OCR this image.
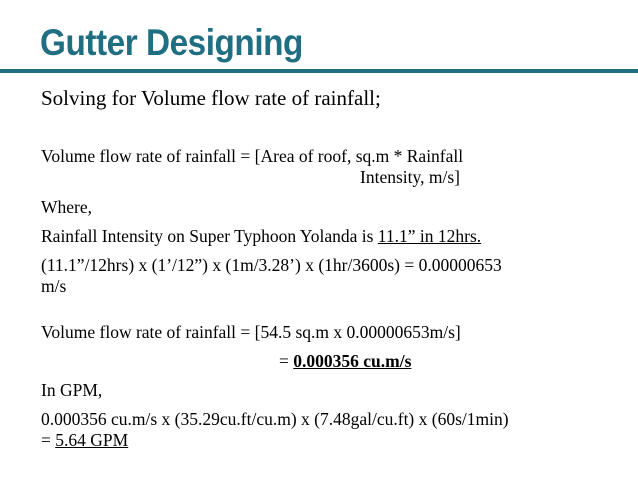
Gutter Designing
Solving for Volume flow rate of rainfall;
Volume flow rate of rainfall = [Area of roof, sq.m * Rainfall
Intensity, m/s]
Where,
Rainfall Intensity on Super Typhoon Yolanda is 11.1” in 12hrs.
(11.1”/12hrs) x (1’/12”) x (1m/3.28’) x (1hr/3600s) = 0.00000653
m/s
Volume flow rate of rainfall = [54.5 sq.m x 0.00000653m/s]
= 0.000356 cu.m/s
In GPM,
0.000356 cu.m/s x (35.29cu.ft/cu.m) x (7.48gal/cu.ft) x (60s/1min)
= 5.64 GPM
